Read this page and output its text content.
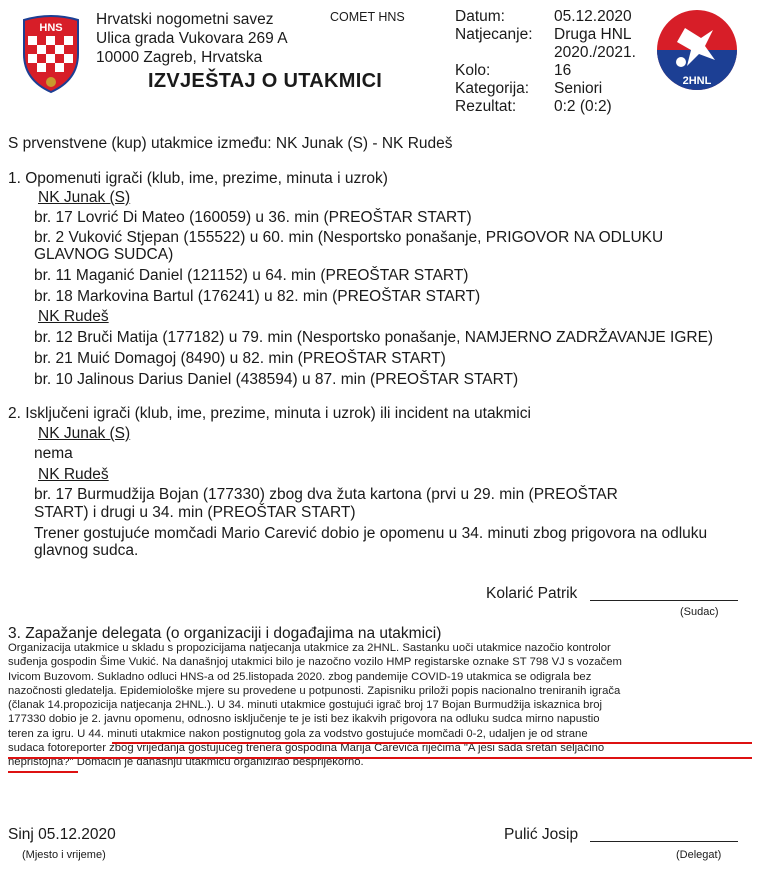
HNS Hrvatski nogometni savez
Ulica grada Vukovara 269 A
10000 Zagreb, Hrvatska
COMET HNS
IZVJEŠTAJ O UTAKMICI
Datum:
Natjecanje:
Kolo:
Kategorija:
Rezultat:
05.12.2020
Druga HNL
2020./2021.
16
Seniori
0:2 (0:2)
2HNL
S prvenstvene (kup) utakmice između: NK Junak (S) - NK Rudeš
1. Opomenuti igrači (klub, ime, prezime, minuta i uzrok)
NK Junak (S)
br. 17 Lovrić Di Mateo (160059) u 36. min (PREOŠTAR START)
br. 2 Vuković Stjepan (155522) u 60. min (Nesportsko ponašanje, PRIGOVOR NA ODLUKU
GLAVNOG SUDCA)
br. 11 Maganić Daniel (121152) u 64. min (PREOŠTAR START)
br. 18 Markovina Bartul (176241) u 82. min (PREOŠTAR START)
NK Rudeš
br. 12 Bruči Matija (177182) u 79. min (Nesportsko ponašanje, NAMJERNO ZADRŽAVANJE IGRE)
br. 21 Muić Domagoj (8490) u 82. min (PREOŠTAR START)
br. 10 Jalinous Darius Daniel (438594) u 87. min (PREOŠTAR START)
2. Isključeni igrači (klub, ime, prezime, minuta i uzrok) ili incident na utakmici
NK Junak (S)
nema
NK Rudeš
br. 17 Burmudžija Bojan (177330) zbog dva žuta kartona (prvi u 29. min (PREOŠTAR
START) i drugi u 34. min (PREOŠTAR START)
Trener gostujuće momčadi Mario Carević dobio je opomenu u 34. minuti zbog prigovora na odluku
glavnog sudca.
Kolarić Patrik
(Sudac)
3. Zapažanje delegata (o organizaciji i događajima na utakmici)

Organizacija utakmice u skladu s propozicijama natjecanja utakmice za 2HNL. Sastanku uoči utakmice nazočio kontrolor

suđenja gospodin Šime Vukić. Na današnjoj utakmici bilo je nazočno vozilo HMP registarske oznake ST 798 VJ s vozačem

Ivicom Buzovom. Sukladno odluci HNS-a od 25.listopada 2020. zbog pandemije COVID-19 utakmica se odigrala bez

nazočnosti gledatelja. Epidemiološke mjere su provedene u potpunosti. Zapisniku priloži popis nacionalno treniranih igrača

(članak 14.propozicija natjecanja 2HNL.). U 34. minuti utakmice gostujući igrač broj 17 Bojan Burmudžija iskaznica broj

177330 dobio je 2. javnu opomenu, odnosno isključenje te je isti bez ikakvih prigovora na odluku sudca mirno napustio

teren za igru. U 44. minuti utakmice nakon postignutog gola za vodstvo gostujuće momčadi 0-2, udaljen je od strane

sudaca fotoreporter zbog vrijeđanja gostujućeg trenera gospodina Marija Carevića riječima "A jesi sada sretan seljačino

neprištojna?" Domaćin je današnju utakmicu organizirao besprijekorno.

Sinj 05.12.2020
(Mjesto i vrijeme)
Pulić Josip
(Delegat)
